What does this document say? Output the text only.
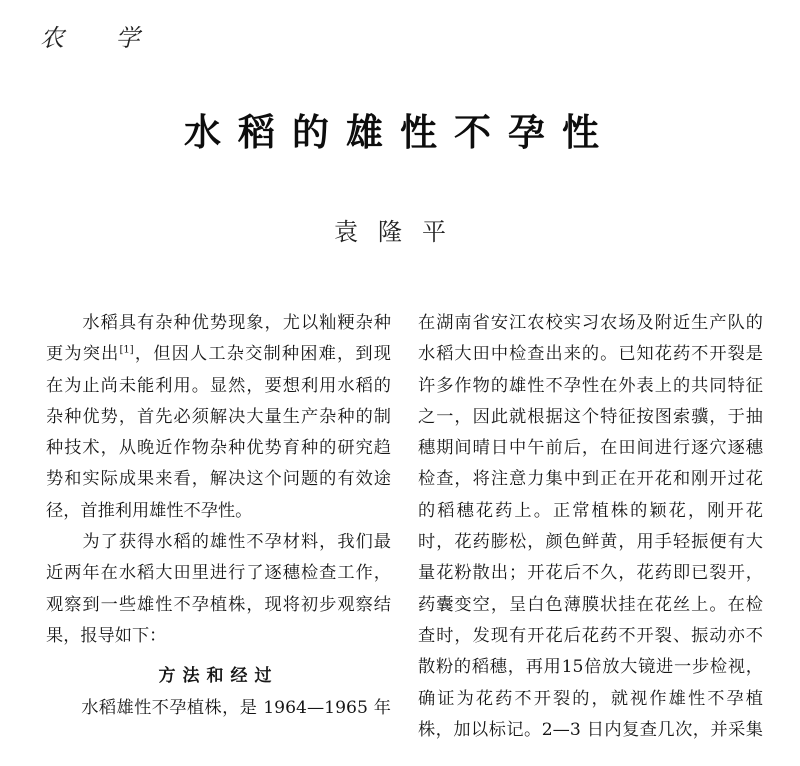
农 学
水稻的雄性不孕性
袁隆平
　　水稻具有杂种优势现象，尤以籼粳杂种
更为突出[1]，但因人工杂交制种困难，到现
在为止尚未能利用。显然，要想利用水稻的
杂种优势，首先必须解决大量生产杂种的制
种技术，从晚近作物杂种优势育种的研究趋
势和实际成果来看，解决这个问题的有效途
径，首推利用雄性不孕性。
　　为了获得水稻的雄性不孕材料，我们最
近两年在水稻大田里进行了逐穗检查工作，
观察到一些雄性不孕植株，现将初步观察结
果，报导如下：
方法和经过
　　水稻雄性不孕植株，是 1964—1965 年
在湖南省安江农校实习农场及附近生产队的
水稻大田中检查出来的。已知花药不开裂是
许多作物的雄性不孕性在外表上的共同特征
之一，因此就根据这个特征按图索骥，于抽
穗期间晴日中午前后，在田间进行逐穴逐穗
检查，将注意力集中到正在开花和刚开过花
的稻穗花药上。正常植株的颖花，刚开花
时，花药膨松，颜色鲜黄，用手轻振便有大
量花粉散出；开花后不久，花药即已裂开，
药囊变空，呈白色薄膜状挂在花丝上。在检
查时，发现有开花后花药不开裂、振动亦不
散粉的稻穗，再用15倍放大镜进一步检视，
确证为花药不开裂的，就视作雄性不孕植
株，加以标记。2—3 日内复查几次，并采集
